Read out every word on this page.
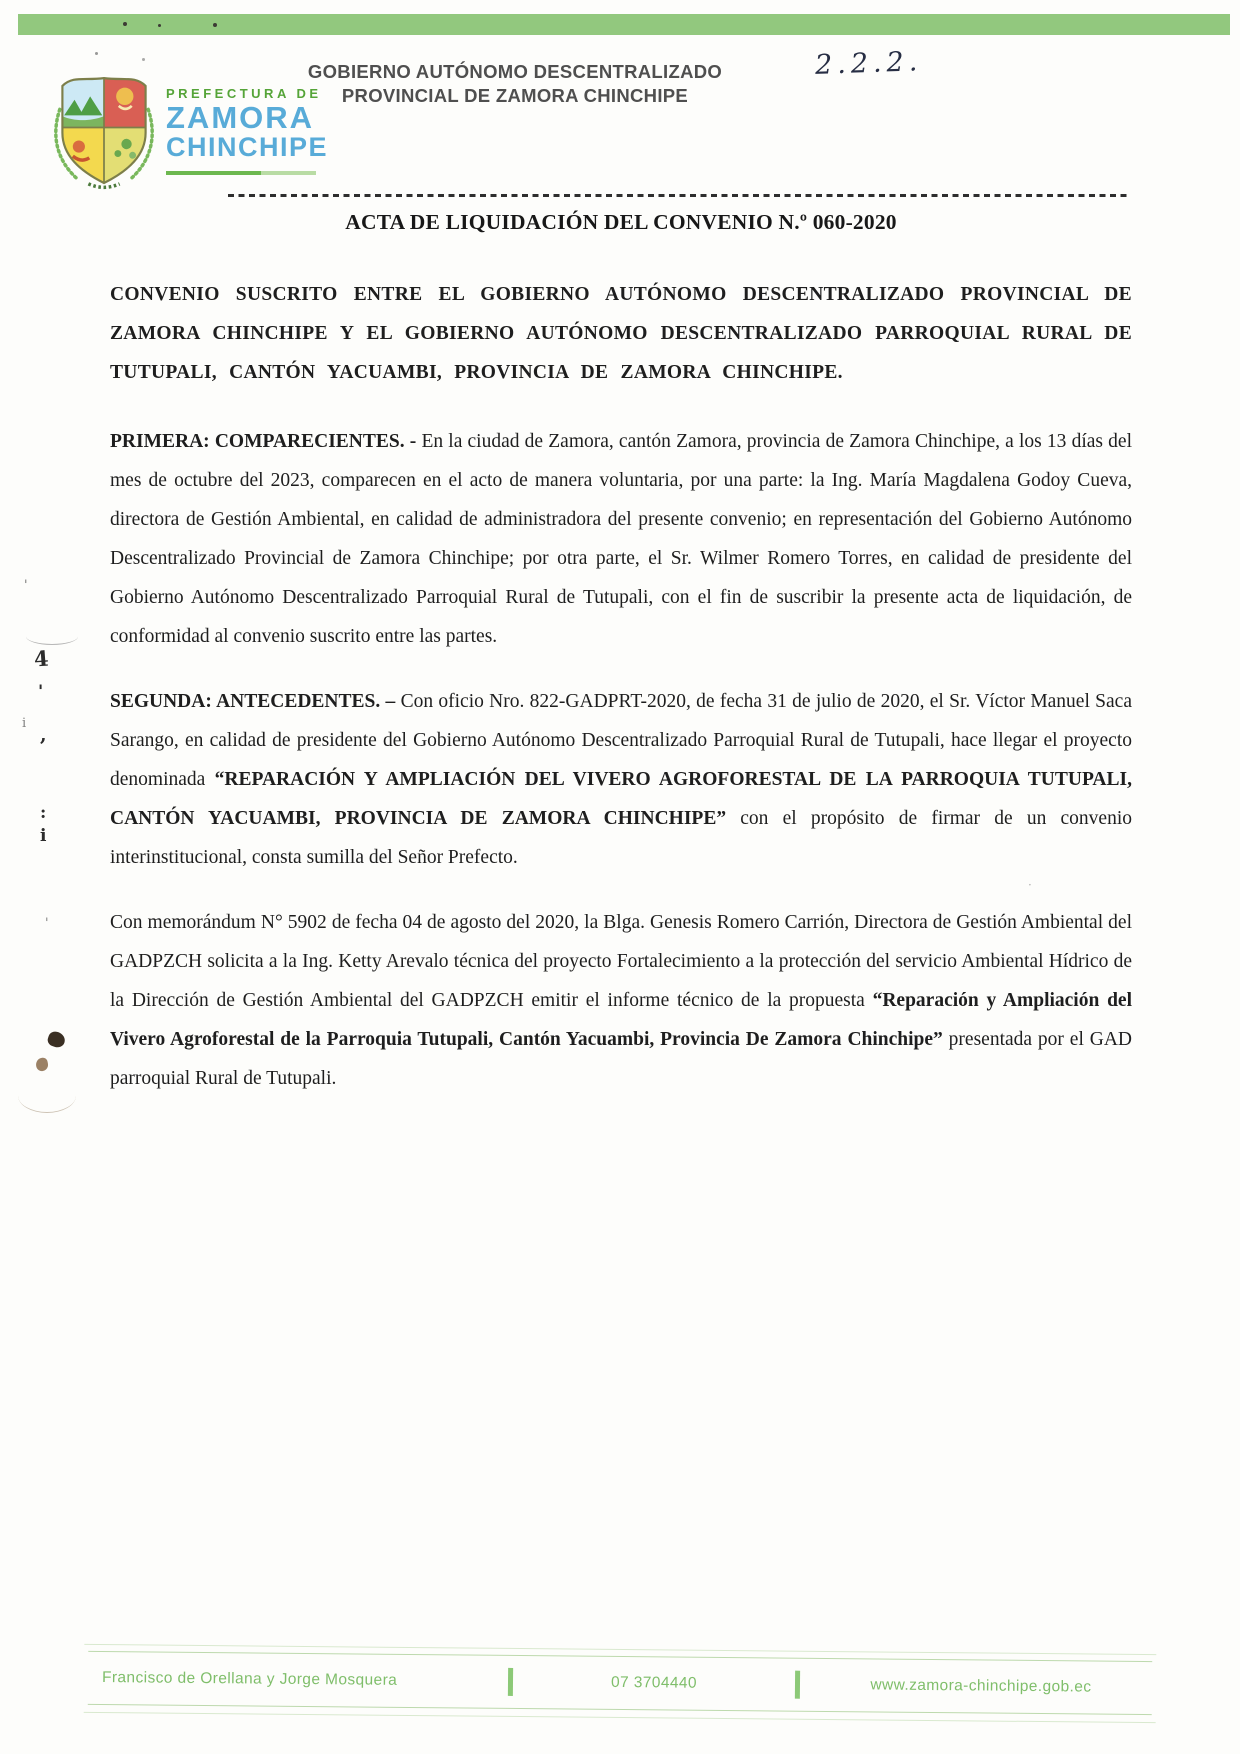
PREFECTURA DE
ZAMORA
CHINCHIPE
GOBIERNO AUTÓNOMO DESCENTRALIZADO
PROVINCIAL DE ZAMORA CHINCHIPE
2.2.2.
ACTA DE LIQUIDACIÓN DEL CONVENIO N.º 060-2020

CONVENIO SUSCRITO ENTRE EL GOBIERNO AUTÓNOMO DESCENTRALIZADO PROVINCIAL DE ZAMORA CHINCHIPE Y EL GOBIERNO AUTÓNOMO DESCENTRALIZADO PARROQUIAL RURAL DE TUTUPALI, CANTÓN YACUAMBI, PROVINCIA DE ZAMORA CHINCHIPE.

PRIMERA: COMPARECIENTES. - En la ciudad de Zamora, cantón Zamora, provincia de Zamora Chinchipe, a los 13 días del mes de octubre del 2023, comparecen en el acto de manera voluntaria, por una parte: la Ing. María Magdalena Godoy Cueva, directora de Gestión Ambiental, en calidad de administradora del presente convenio; en representación del Gobierno Autónomo Descentralizado Provincial de Zamora Chinchipe; por otra parte, el Sr. Wilmer Romero Torres, en calidad de presidente del Gobierno Autónomo Descentralizado Parroquial Rural de Tutupali, con el fin de suscribir la presente acta de liquidación, de conformidad al convenio suscrito entre las partes.

SEGUNDA: ANTECEDENTES. – Con oficio Nro. 822-GADPRT-2020, de fecha 31 de julio de 2020, el Sr. Víctor Manuel Saca Sarango, en calidad de presidente del Gobierno Autónomo Descentralizado Parroquial Rural de Tutupali, hace llegar el proyecto denominada “REPARACIÓN Y AMPLIACIÓN DEL VIVERO AGROFORESTAL DE LA PARROQUIA TUTUPALI, CANTÓN YACUAMBI, PROVINCIA DE ZAMORA CHINCHIPE” con el propósito de firmar de un convenio interinstitucional, consta sumilla del Señor Prefecto.

Con memorándum N° 5902 de fecha 04 de agosto del 2020, la Blga. Genesis Romero Carrión, Directora de Gestión Ambiental del GADPZCH solicita a la Ing. Ketty Arevalo técnica del proyecto Fortalecimiento a la protección del servicio Ambiental Hídrico de la Dirección de Gestión Ambiental del GADPZCH emitir el informe técnico de la propuesta “Reparación y Ampliación del Vivero Agroforestal de la Parroquia Tutupali, Cantón Yacuambi, Provincia De Zamora Chinchipe” presentada por el GAD parroquial Rural de Tutupali.

'
4
'
i
,
:
i
'
·
Francisco de Orellana y Jorge Mosquera	07 3704440	www.zamora-chinchipe.gob.ec
